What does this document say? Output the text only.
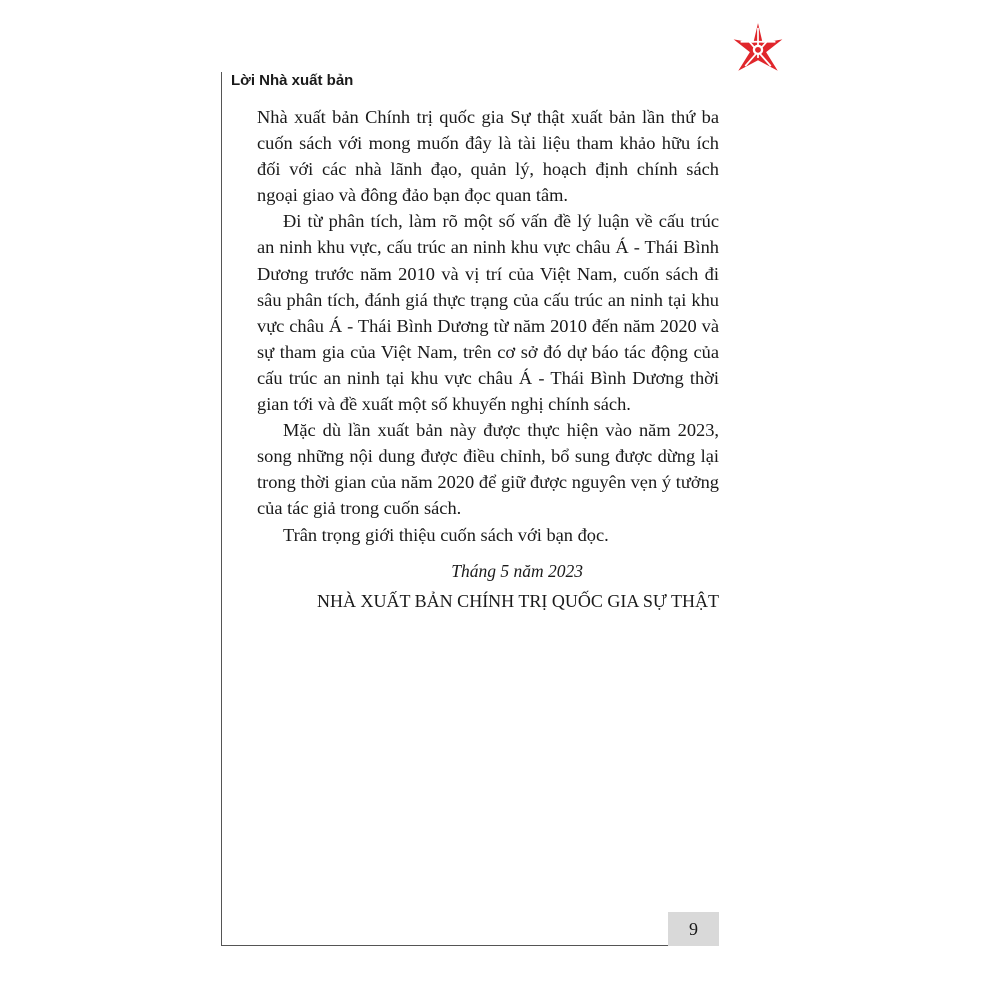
Lời Nhà xuất bản

Nhà xuất bản Chính trị quốc gia Sự thật xuất bản lần thứ ba cuốn sách với mong muốn đây là tài liệu tham khảo hữu ích đối với các nhà lãnh đạo, quản lý, hoạch định chính sách ngoại giao và đông đảo bạn đọc quan tâm.

Đi từ phân tích, làm rõ một số vấn đề lý luận về cấu trúc an ninh khu vực, cấu trúc an ninh khu vực châu Á - Thái Bình Dương trước năm 2010 và vị trí của Việt Nam, cuốn sách đi sâu phân tích, đánh giá thực trạng của cấu trúc an ninh tại khu vực châu Á - Thái Bình Dương từ năm 2010 đến năm 2020 và sự tham gia của Việt Nam, trên cơ sở đó dự báo tác động của cấu trúc an ninh tại khu vực châu Á - Thái Bình Dương thời gian tới và đề xuất một số khuyến nghị chính sách.

Mặc dù lần xuất bản này được thực hiện vào năm 2023, song những nội dung được điều chỉnh, bổ sung được dừng lại trong thời gian của năm 2020 để giữ được nguyên vẹn ý tưởng của tác giả trong cuốn sách.

Trân trọng giới thiệu cuốn sách với bạn đọc.

Tháng 5 năm 2023
NHÀ XUẤT BẢN CHÍNH TRỊ QUỐC GIA SỰ THẬT
9
